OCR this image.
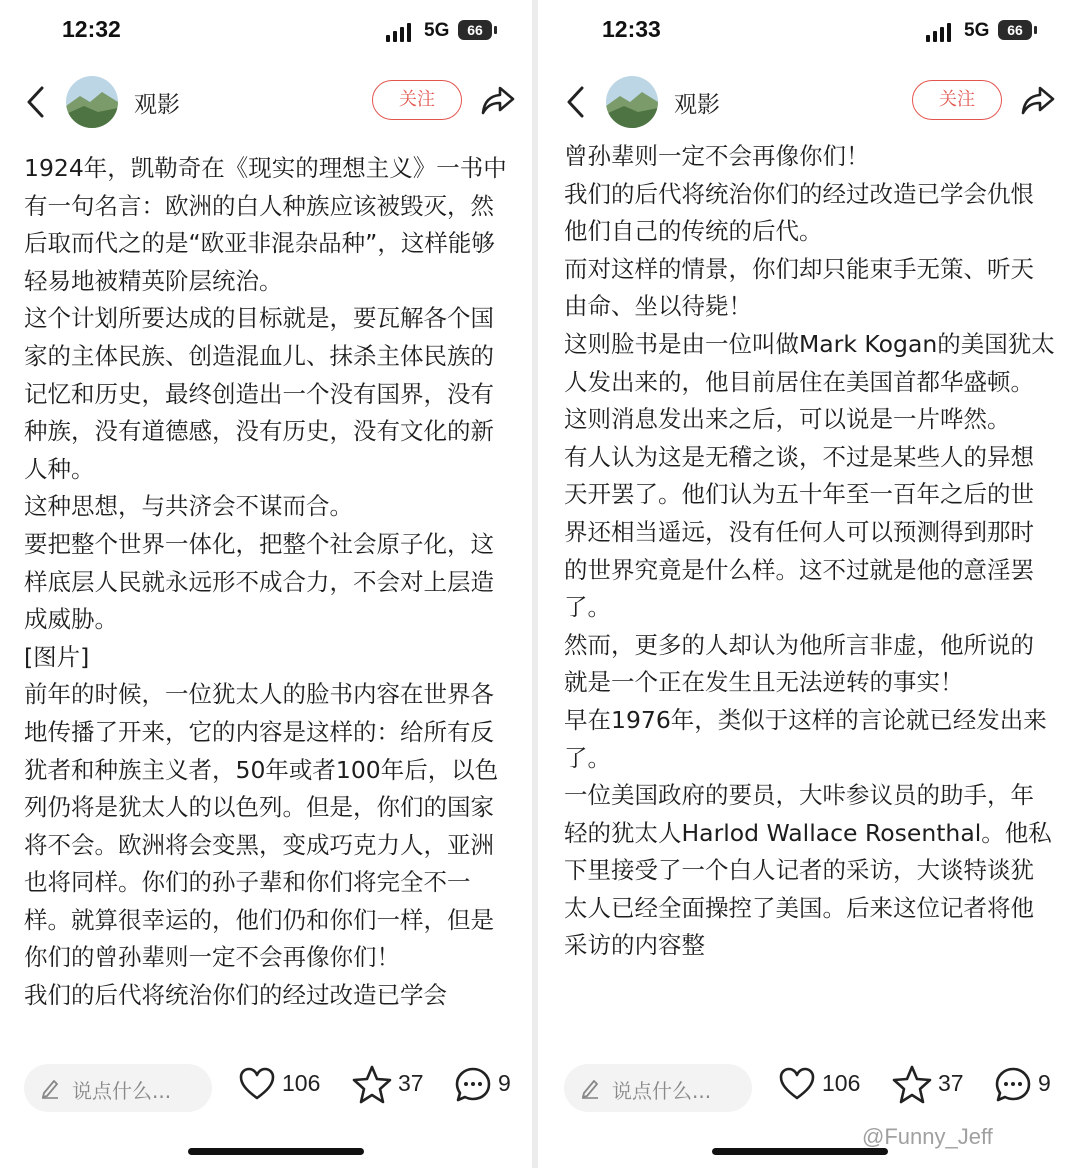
12:32	5G	66
观影	关注

1924年，凯勒奇在《现实的理想主义》一书中有一句名言：欧洲的白人种族应该被毁灭，然后取而代之的是“欧亚非混杂品种”，这样能够轻易地被精英阶层统治。

这个计划所要达成的目标就是，要瓦解各个国家的主体民族、创造混血儿、抹杀主体民族的记忆和历史，最终创造出一个没有国界，没有种族，没有道德感，没有历史，没有文化的新人种。

这种思想，与共济会不谋而合。

要把整个世界一体化，把整个社会原子化，这样底层人民就永远形不成合力，不会对上层造成威胁。

[图片]

前年的时候，一位犹太人的脸书内容在世界各地传播了开来，它的内容是这样的：给所有反犹者和种族主义者，50年或者100年后，以色列仍将是犹太人的以色列。但是，你们的国家将不会。欧洲将会变黑，变成巧克力人，亚洲也将同样。你们的孙子辈和你们将完全不一样。就算很幸运的，他们仍和你们一样，但是你们的曾孙辈则一定不会再像你们！

我们的后代将统治你们的经过改造已学会

说点什么...	106	37	9
12:33	5G	66
观影	关注

曾孙辈则一定不会再像你们！

我们的后代将统治你们的经过改造已学会仇恨他们自己的传统的后代。

而对这样的情景，你们却只能束手无策、听天由命、坐以待毙！

这则脸书是由一位叫做Mark Kogan的美国犹太人发出来的，他目前居住在美国首都华盛顿。

这则消息发出来之后，可以说是一片哗然。

有人认为这是无稽之谈，不过是某些人的异想天开罢了。他们认为五十年至一百年之后的世界还相当遥远，没有任何人可以预测得到那时的世界究竟是什么样。这不过就是他的意淫罢了。

然而，更多的人却认为他所言非虚，他所说的就是一个正在发生且无法逆转的事实！

早在1976年，类似于这样的言论就已经发出来了。

一位美国政府的要员，大咔参议员的助手，年轻的犹太人Harlod Wallace Rosenthal。他私下里接受了一个白人记者的采访，大谈特谈犹太人已经全面操控了美国。后来这位记者将他采访的内容整

说点什么...	106	37	9
@Funny_Jeff
